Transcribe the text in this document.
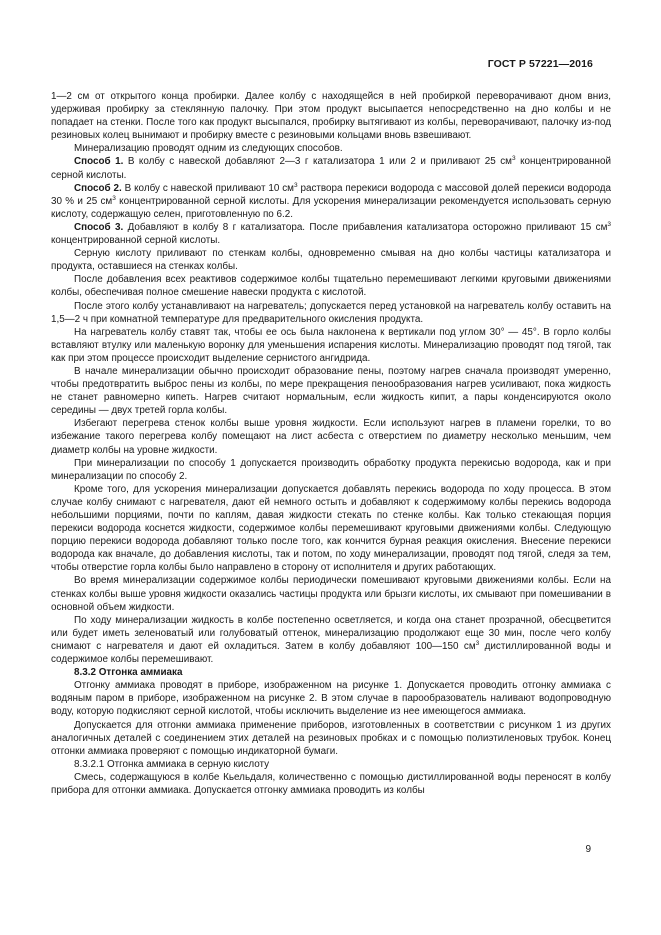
ГОСТ Р 57221—2016

1—2 см от открытого конца пробирки. Далее колбу с находящейся в ней пробиркой переворачивают дном вниз, удерживая пробирку за стеклянную палочку. При этом продукт высыпается непосредственно на дно колбы и не попадает на стенки. После того как продукт высыпался, пробирку вытягивают из колбы, переворачивают, палочку из-под резиновых колец вынимают и пробирку вместе с резиновыми кольцами вновь взвешивают.

Минерализацию проводят одним из следующих способов.

Способ 1. В колбу с навеской добавляют 2—3 г катализатора 1 или 2 и приливают 25 $см^3$ концентрированной серной кислоты.

Способ 2. В колбу с навеской приливают 10 $см^3$ раствора перекиси водорода с массовой долей перекиси водорода 30 % и 25 $см^3$ концентрированной серной кислоты. Для ускорения минерализации рекомендуется использовать серную кислоту, содержащую селен, приготовленную по 6.2.

Способ 3. Добавляют в колбу 8 г катализатора. После прибавления катализатора осторожно приливают 15 $см^3$ концентрированной серной кислоты.

Серную кислоту приливают по стенкам колбы, одновременно смывая на дно колбы частицы катализатора и продукта, оставшиеся на стенках колбы.

После добавления всех реактивов содержимое колбы тщательно перемешивают легкими круговыми движениями колбы, обеспечивая полное смешение навески продукта с кислотой.

После этого колбу устанавливают на нагреватель; допускается перед установкой на нагреватель колбу оставить на 1,5—2 ч при комнатной температуре для предварительного окисления продукта.

На нагреватель колбу ставят так, чтобы ее ось была наклонена к вертикали под углом 30° — 45°. В горло колбы вставляют втулку или маленькую воронку для уменьшения испарения кислоты. Минерализацию проводят под тягой, так как при этом процессе происходит выделение сернистого ангидрида.

В начале минерализации обычно происходит образование пены, поэтому нагрев сначала производят умеренно, чтобы предотвратить выброс пены из колбы, по мере прекращения пенообразования нагрев усиливают, пока жидкость не станет равномерно кипеть. Нагрев считают нормальным, если жидкость кипит, а пары конденсируются около середины — двух третей горла колбы.

Избегают перегрева стенок колбы выше уровня жидкости. Если используют нагрев в пламени горелки, то во избежание такого перегрева колбу помещают на лист асбеста с отверстием по диаметру несколько меньшим, чем диаметр колбы на уровне жидкости.

При минерализации по способу 1 допускается производить обработку продукта перекисью водорода, как и при минерализации по способу 2.

Кроме того, для ускорения минерализации допускается добавлять перекись водорода по ходу процесса. В этом случае колбу снимают с нагревателя, дают ей немного остыть и добавляют к содержимому колбы перекись водорода небольшими порциями, почти по каплям, давая жидкости стекать по стенке колбы. Как только стекающая порция перекиси водорода коснется жидкости, содержимое колбы перемешивают круговыми движениями колбы. Следующую порцию перекиси водорода добавляют только после того, как кончится бурная реакция окисления. Внесение перекиси водорода как вначале, до добавления кислоты, так и потом, по ходу минерализации, проводят под тягой, следя за тем, чтобы отверстие горла колбы было направлено в сторону от исполнителя и других работающих.

Во время минерализации содержимое колбы периодически помешивают круговыми движениями колбы. Если на стенках колбы выше уровня жидкости оказались частицы продукта или брызги кислоты, их смывают при помешивании в основной объем жидкости.

По ходу минерализации жидкость в колбе постепенно осветляется, и когда она станет прозрачной, обесцветится или будет иметь зеленоватый или голубоватый оттенок, минерализацию продолжают еще 30 мин, после чего колбу снимают с нагревателя и дают ей охладиться. Затем в колбу добавляют 100—150 $см^3$ дистиллированной воды и содержимое колбы перемешивают.

8.3.2 Отгонка аммиака

Отгонку аммиака проводят в приборе, изображенном на рисунке 1. Допускается проводить отгонку аммиака с водяным паром в приборе, изображенном на рисунке 2. В этом случае в парообразователь наливают водопроводную воду, которую подкисляют серной кислотой, чтобы исключить выделение из нее имеющегося аммиака.

Допускается для отгонки аммиака применение приборов, изготовленных в соответствии с рисунком 1 из других аналогичных деталей с соединением этих деталей на резиновых пробках и с помощью полиэтиленовых трубок. Конец отгонки аммиака проверяют с помощью индикаторной бумаги.

8.3.2.1 Отгонка аммиака в серную кислоту

Смесь, содержащуюся в колбе Кьельдаля, количественно с помощью дистиллированной воды переносят в колбу прибора для отгонки аммиака. Допускается отгонку аммиака проводить из колбы

9
